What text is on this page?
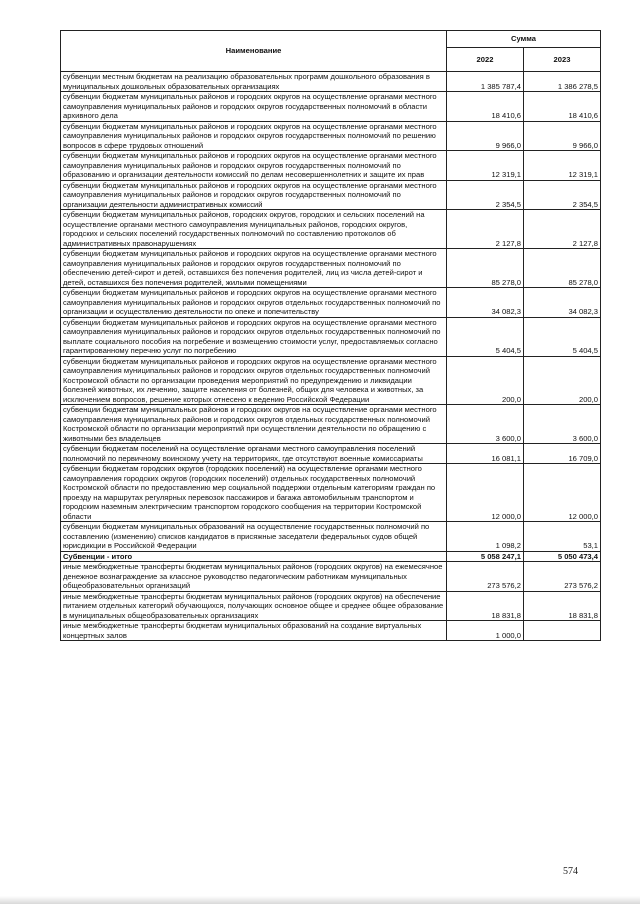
Наименование	Сумма	
	2022	2023
субвенции местным бюджетам на реализацию образовательных программ дошкольного образования в муниципальных дошкольных образовательных организациях	1 385 787,4	1 386 278,5
субвенции бюджетам муниципальных районов и городских округов на осуществление органами местного самоуправления муниципальных районов и городских округов государственных полномочий в области архивного дела	18 410,6	18 410,6
субвенции бюджетам муниципальных районов и городских округов на осуществление органами местного самоуправления муниципальных районов и городских округов государственных полномочий по решению вопросов в сфере трудовых отношений	9 966,0	9 966,0
субвенции бюджетам муниципальных районов и городских округов на осуществление органами местного самоуправления муниципальных районов и городских округов государственных полномочий по образованию и организации деятельности комиссий по делам несовершеннолетних и защите их прав	12 319,1	12 319,1
субвенции бюджетам муниципальных районов и городских округов на осуществление органами местного самоуправления муниципальных районов и городских округов государственных полномочий по организации деятельности административных комиссий	2 354,5	2 354,5
субвенции бюджетам муниципальных районов, городских округов, городских и сельских поселений на осуществление органами местного самоуправления муниципальных районов, городских округов, городских и сельских поселений государственных полномочий по составлению протоколов об административных правонарушениях	2 127,8	2 127,8
субвенции бюджетам муниципальных районов и городских округов на осуществление органами местного самоуправления муниципальных районов и городских округов государственных полномочий по обеспечению детей-сирот и детей, оставшихся без попечения родителей, лиц из числа детей-сирот и детей, оставшихся без попечения родителей, жилыми помещениями	85 278,0	85 278,0
субвенции бюджетам муниципальных районов и городских округов на осуществление органами местного самоуправления муниципальных районов и городских округов отдельных государственных полномочий по организации и осуществлению деятельности по опеке и попечительству	34 082,3	34 082,3
субвенции бюджетам муниципальных районов и городских округов на осуществление органами местного самоуправления муниципальных районов и городских округов отдельных государственных полномочий по выплате социального пособия на погребение и возмещению стоимости услуг, предоставляемых согласно гарантированному перечню услуг по погребению	5 404,5	5 404,5
субвенции бюджетам муниципальных районов и городских округов на осуществление органами местного самоуправления муниципальных районов и городских округов отдельных государственных полномочий Костромской области по организации проведения мероприятий по предупреждению и ликвидации болезней животных, их лечению, защите населения от болезней, общих для человека и животных, за исключением вопросов, решение которых отнесено к ведению Российской Федерации	200,0	200,0
субвенции бюджетам муниципальных районов и городских округов на осуществление органами местного самоуправления муниципальных районов и городских округов отдельных государственных полномочий Костромской области по организации мероприятий при осуществлении деятельности по обращению с животными без владельцев	3 600,0	3 600,0
субвенции бюджетам поселений на осуществление органами местного самоуправления поселений полномочий по первичному воинскому учету на территориях, где отсутствуют военные комиссариаты	16 081,1	16 709,0
субвенции бюджетам городских округов (городских поселений) на осуществление органами местного самоуправления городских округов (городских поселений) отдельных государственных полномочий Костромской области по предоставлению мер социальной поддержки отдельным категориям граждан по проезду на маршрутах регулярных перевозок пассажиров и багажа автомобильным транспортом и городским наземным электрическим транспортом городского сообщения на территории Костромской области	12 000,0	12 000,0
субвенции бюджетам муниципальных образований на осуществление государственных полномочий по составлению (изменению) списков кандидатов в присяжные заседатели федеральных судов общей юрисдикции в Российской Федерации	1 098,2	53,1
Субвенции - итого	5 058 247,1	5 050 473,4
иные межбюджетные трансферты бюджетам муниципальных районов (городских округов) на ежемесячное денежное вознаграждение за классное руководство педагогическим работникам муниципальных общеобразовательных организаций	273 576,2	273 576,2
иные межбюджетные трансферты бюджетам муниципальных районов (городских округов) на обеспечение питанием отдельных категорий обучающихся, получающих основное общее и среднее общее образование в муниципальных общеобразовательных организациях	18 831,8	18 831,8
иные межбюджетные трансферты бюджетам муниципальных образований на создание виртуальных концертных залов	1 000,0	
574
